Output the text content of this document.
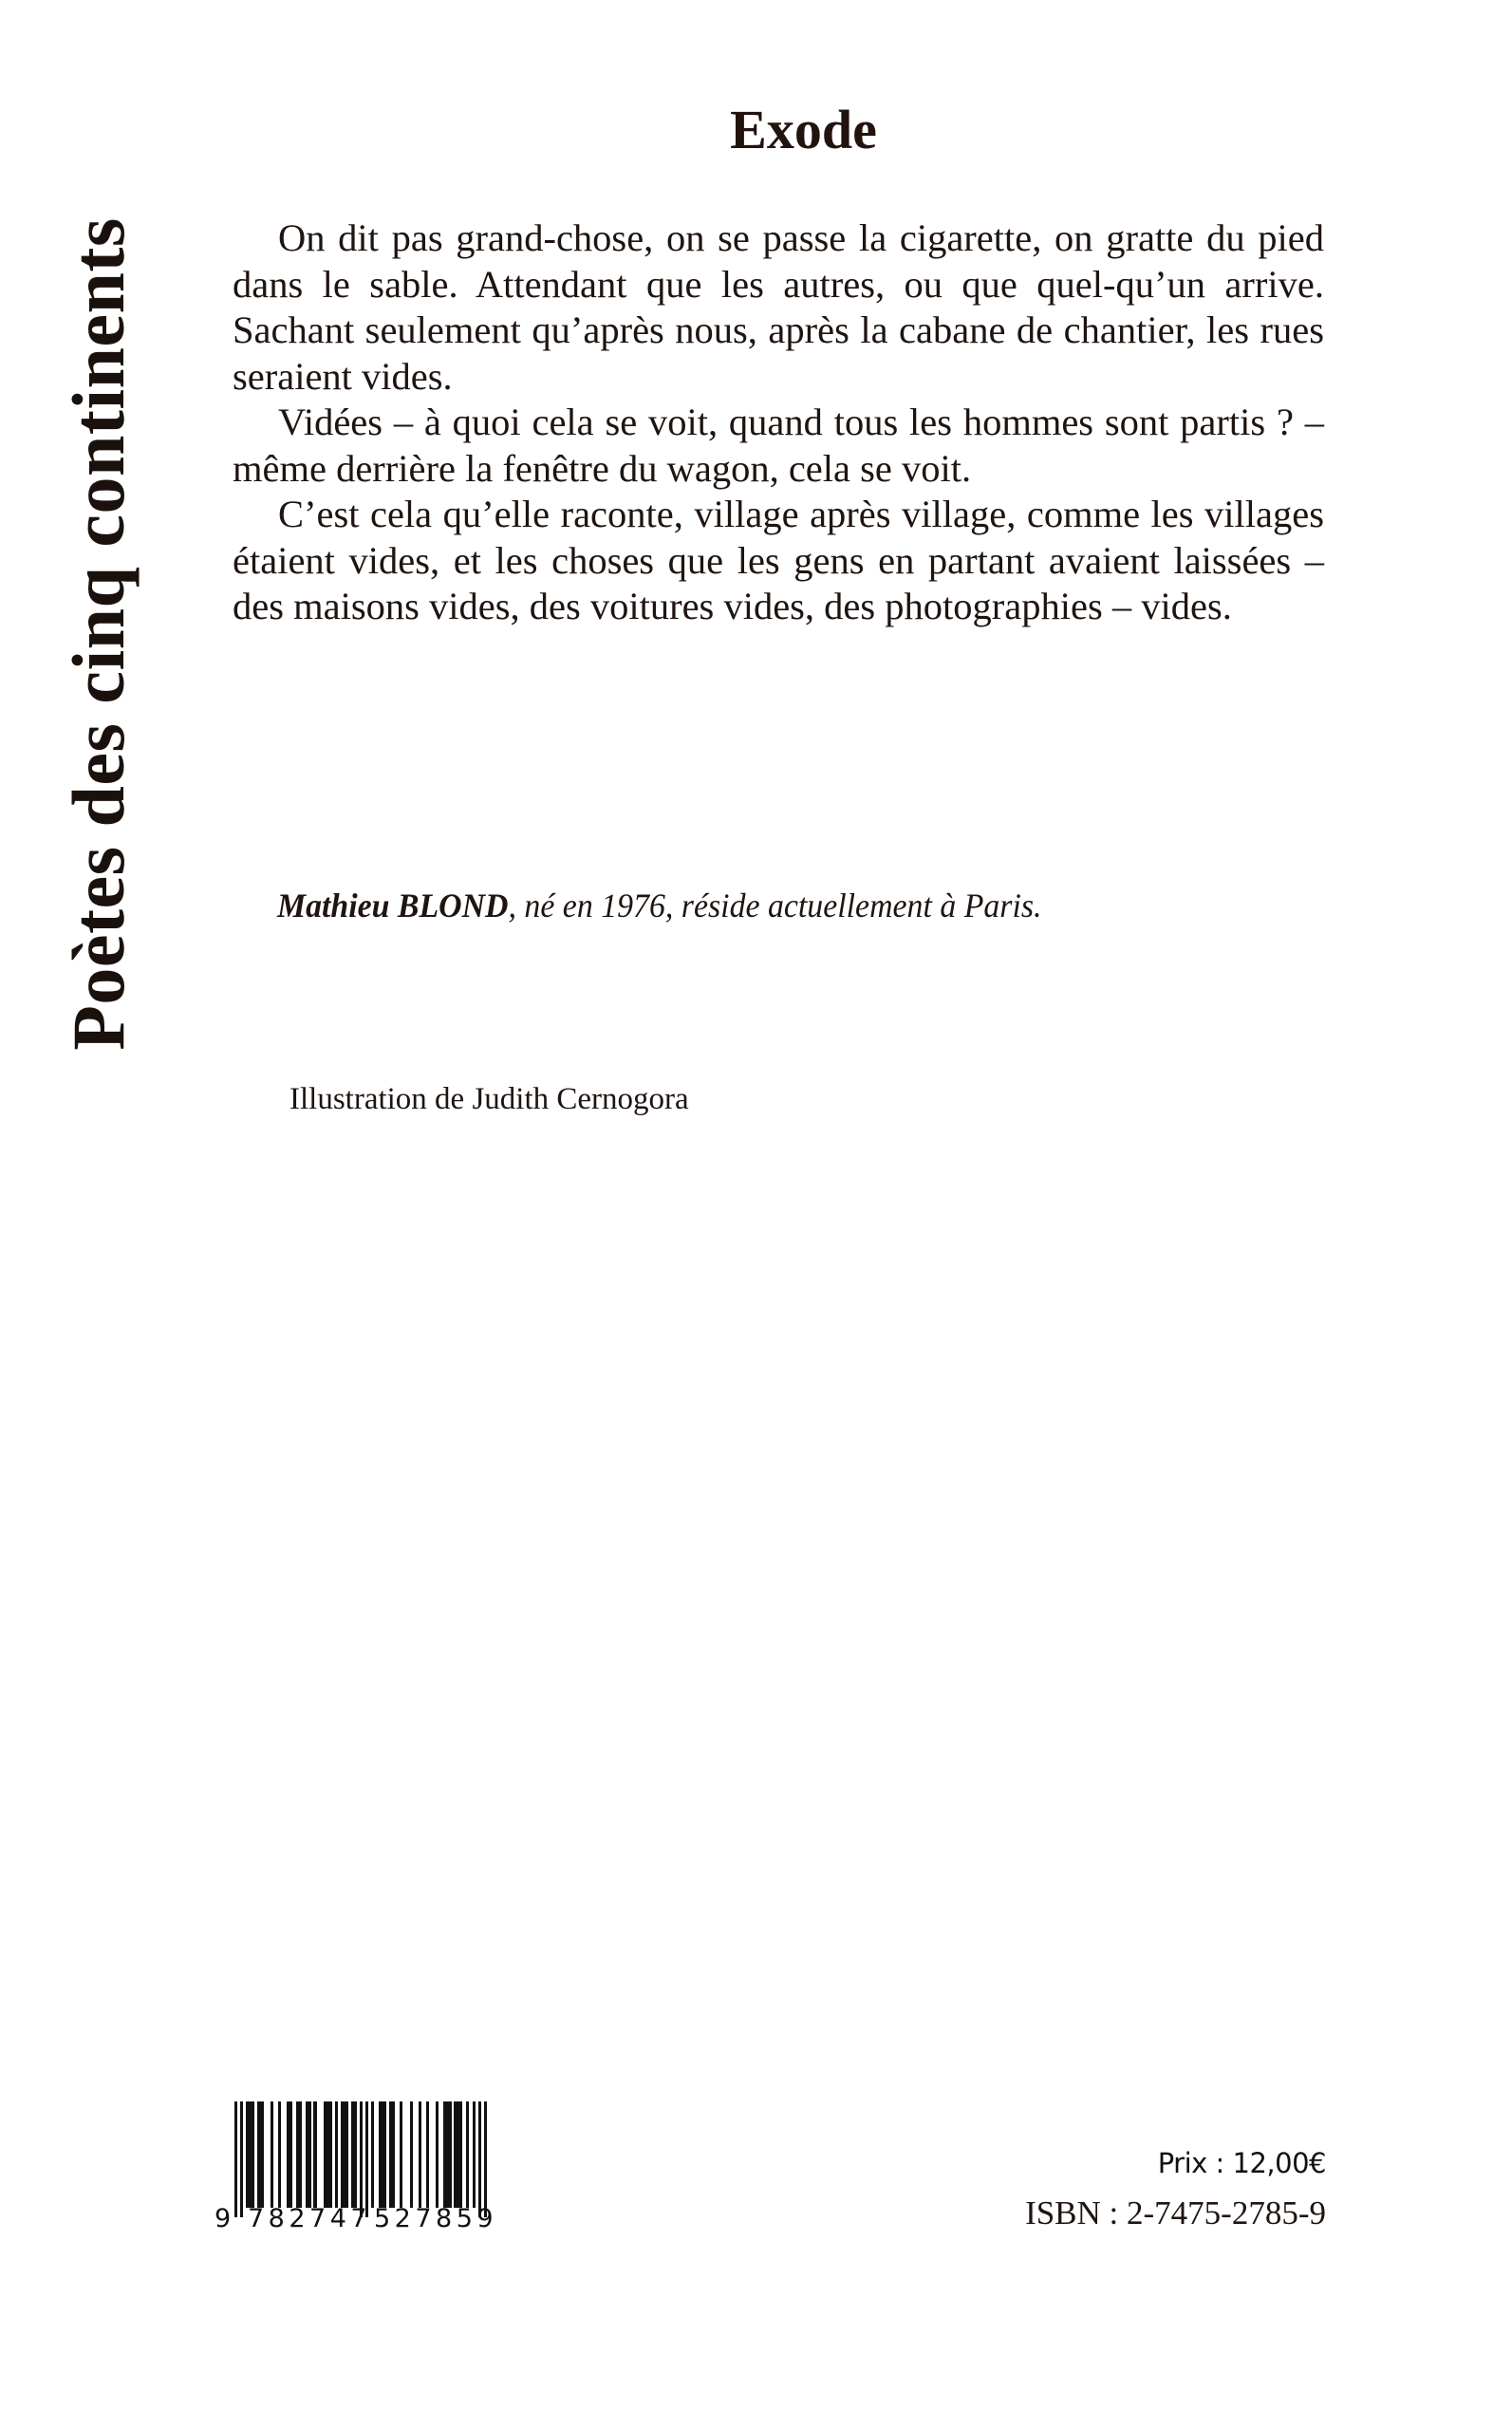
Poètes des cinq continents
Exode

On dit pas grand-chose, on se passe la cigarette, on gratte du pied dans le sable. Attendant que les autres, ou que quel-qu’un arrive. Sachant seulement qu’après nous, après la cabane de chantier, les rues seraient vides.

Vidées – à quoi cela se voit, quand tous les hommes sont partis ? – même derrière la fenêtre du wagon, cela se voit.

C’est cela qu’elle raconte, village après village, comme les villages étaient vides, et les choses que les gens en partant avaient laissées – des maisons vides, des voitures vides, des photographies – vides.

Mathieu BLOND, né en 1976, réside actuellement à Paris.
Illustration de Judith Cernogora
9 782747 527859
Prix : 12,00€
ISBN : 2-7475-2785-9
